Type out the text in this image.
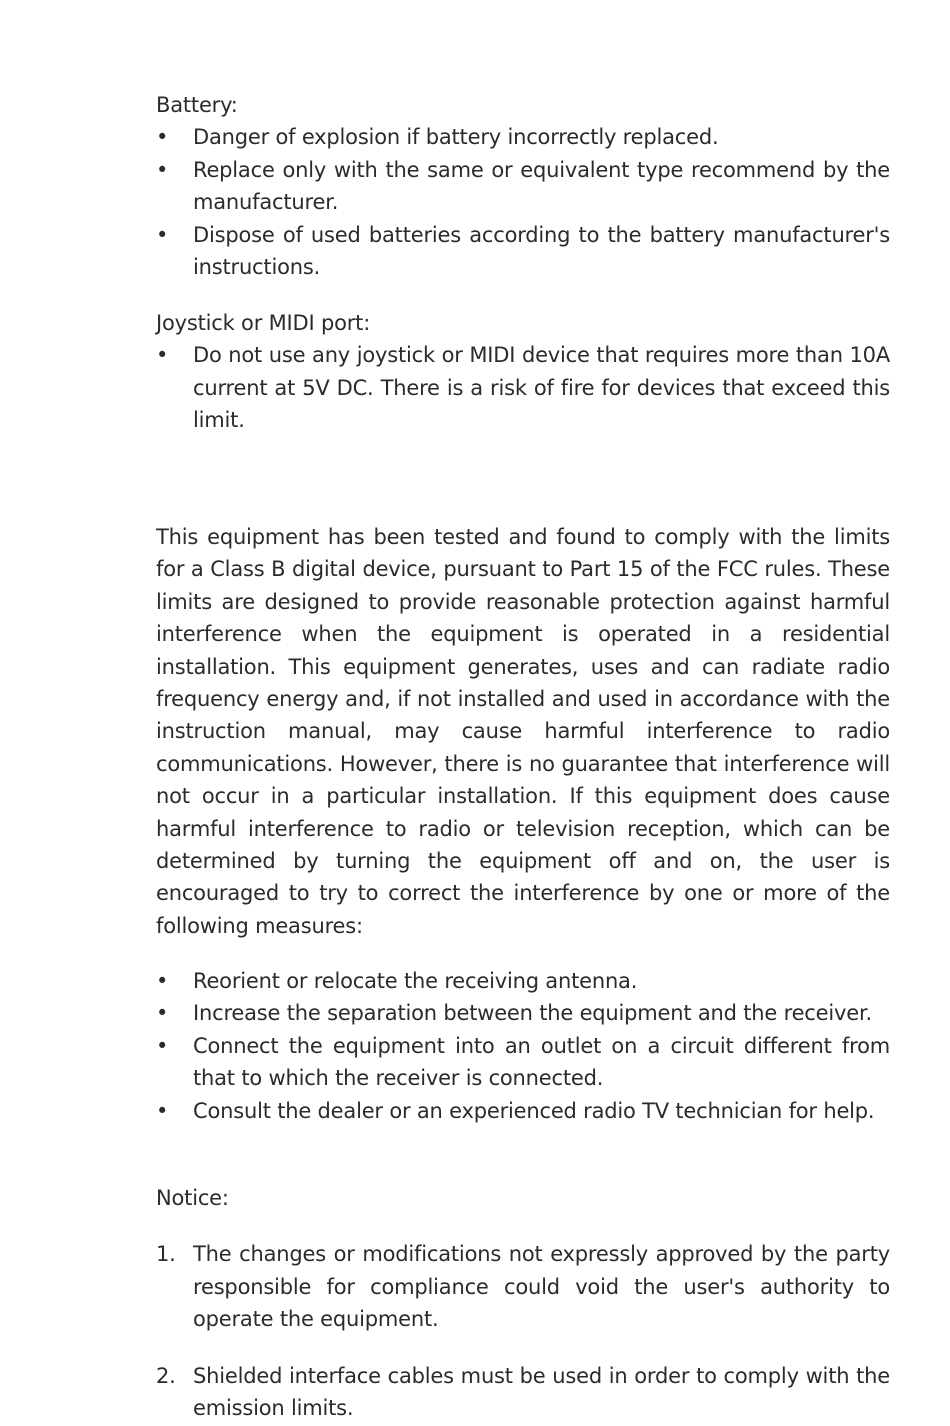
Battery:

• Danger of explosion if battery incorrectly replaced.
• Replace only with the same or equivalent type recommend by the manufacturer.
• Dispose of used batteries according to the battery manufacturer's instructions.

Joystick or MIDI port:

• Do not use any joystick or MIDI device that requires more than 10A current at 5V DC. There is a risk of fire for devices that exceed this limit.

This equipment has been tested and found to comply with the limits for a Class B digital device, pursuant to Part 15 of the FCC rules. These limits are designed to provide reasonable protection against harmful interference when the equipment is operated in a residential installation. This equipment generates, uses and can radiate radio frequency energy and, if not installed and used in accordance with the instruction manual, may cause harmful interference to radio communications. However, there is no guarantee that interference will not occur in a particular installation. If this equipment does cause harmful interference to radio or television reception, which can be determined by turning the equipment off and on, the user is encouraged to try to correct the interference by one or more of the following measures:

• Reorient or relocate the receiving antenna.
• Increase the separation between the equipment and the receiver.
• Connect the equipment into an outlet on a circuit different from that to which the receiver is connected.
• Consult the dealer or an experienced radio TV technician for help.

Notice:

1. The changes or modifications not expressly approved by the party responsible for compliance could void the user's authority to operate the equipment.
2. Shielded interface cables must be used in order to comply with the emission limits.
